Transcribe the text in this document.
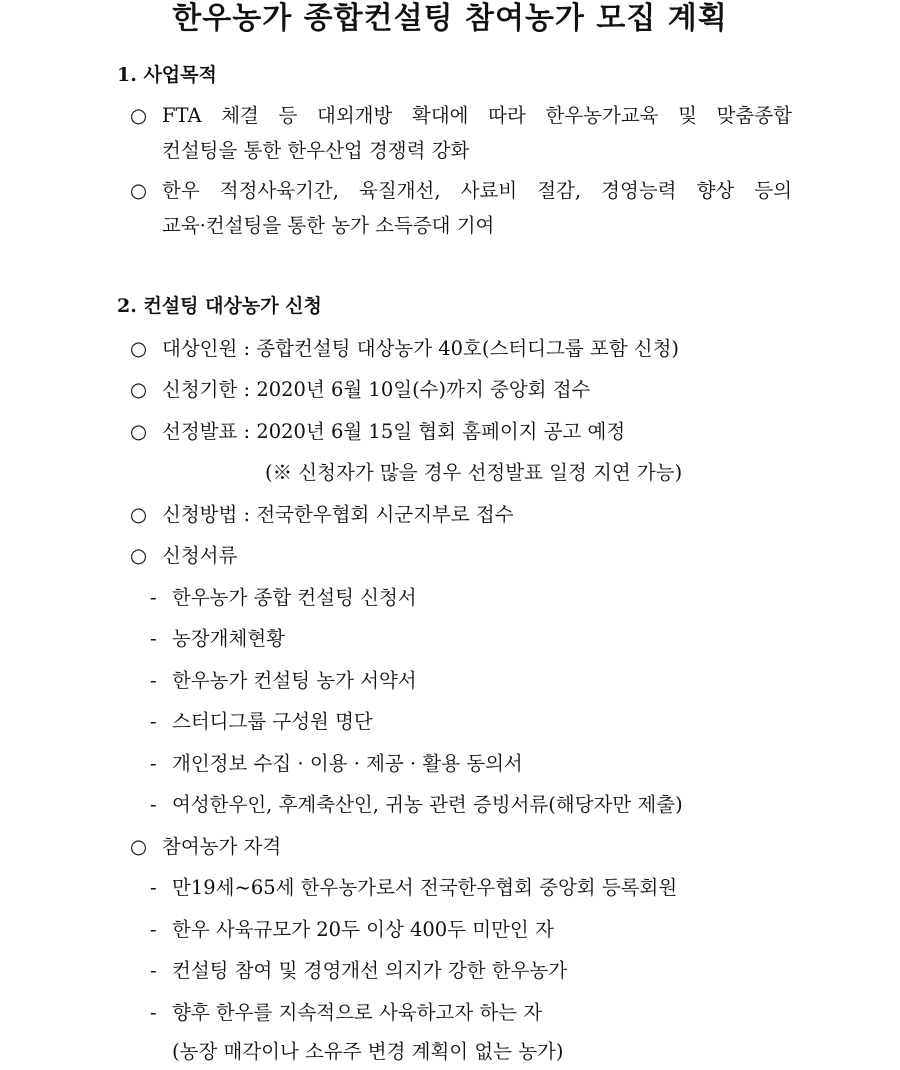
한우농가 종합컨설팅 참여농가 모집 계획
1. 사업목적
○ FTA 체결 등 대외개방 확대에 따라 한우농가교육 및 맞춤종합
컨설팅을 통한 한우산업 경쟁력 강화
○ 한우 적정사육기간, 육질개선, 사료비 절감, 경영능력 향상 등의
교육·컨설팅을 통한 농가 소득증대 기여
2. 컨설팅 대상농가 신청
○ 대상인원 : 종합컨설팅 대상농가 40호(스터디그룹 포함 신청)
○ 신청기한 : 2020년 6월 10일(수)까지 중앙회 접수
○ 선정발표 : 2020년 6월 15일 협회 홈페이지 공고 예정
(※ 신청자가 많을 경우 선정발표 일정 지연 가능)
○ 신청방법 : 전국한우협회 시군지부로 접수
○ 신청서류
- 한우농가 종합 컨설팅 신청서
- 농장개체현황
- 한우농가 컨설팅 농가 서약서
- 스터디그룹 구성원 명단
- 개인정보 수집 · 이용 · 제공 · 활용 동의서
- 여성한우인, 후계축산인, 귀농 관련 증빙서류(해당자만 제출)
○ 참여농가 자격
- 만19세~65세 한우농가로서 전국한우협회 중앙회 등록회원
- 한우 사육규모가 20두 이상 400두 미만인 자
- 컨설팅 참여 및 경영개선 의지가 강한 한우농가
- 향후 한우를 지속적으로 사육하고자 하는 자
(농장 매각이나 소유주 변경 계획이 없는 농가)
